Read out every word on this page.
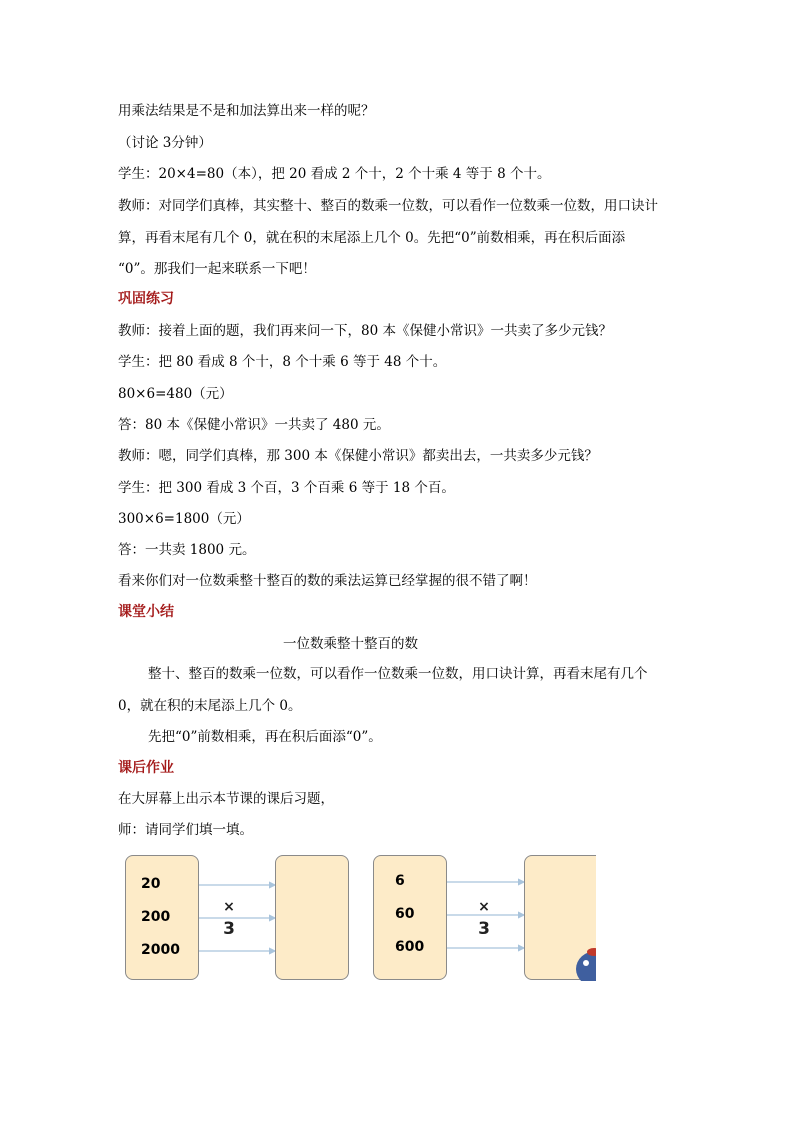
用乘法结果是不是和加法算出来一样的呢？
（讨论 3分钟）
学生：20×4=80（本），把 20 看成 2 个十，2 个十乘 4 等于 8 个十。
教师：对同学们真棒，其实整十、整百的数乘一位数，可以看作一位数乘一位数，用口诀计
算，再看末尾有几个 0，就在积的末尾添上几个 0。先把“0”前数相乘，再在积后面添
“0”。那我们一起来联系一下吧！
巩固练习
教师：接着上面的题，我们再来问一下，80 本《保健小常识》一共卖了多少元钱？
学生：把 80 看成 8 个十，8 个十乘 6 等于 48 个十。
80×6=480（元）
答：80 本《保健小常识》一共卖了 480 元。
教师：嗯，同学们真棒，那 300 本《保健小常识》都卖出去，一共卖多少元钱？
学生：把 300 看成 3 个百，3 个百乘 6 等于 18 个百。
300×6=1800（元）
答：一共卖 1800 元。
看来你们对一位数乘整十整百的数的乘法运算已经掌握的很不错了啊！
课堂小结
一位数乘整十整百的数
整十、整百的数乘一位数，可以看作一位数乘一位数，用口诀计算，再看末尾有几个
0，就在积的末尾添上几个 0。
先把“0”前数相乘，再在积后面添“0”。
课后作业
在大屏幕上出示本节课的课后习题，
师：请同学们填一填。
20
200
2000
×
3
6
60
600
×
3
